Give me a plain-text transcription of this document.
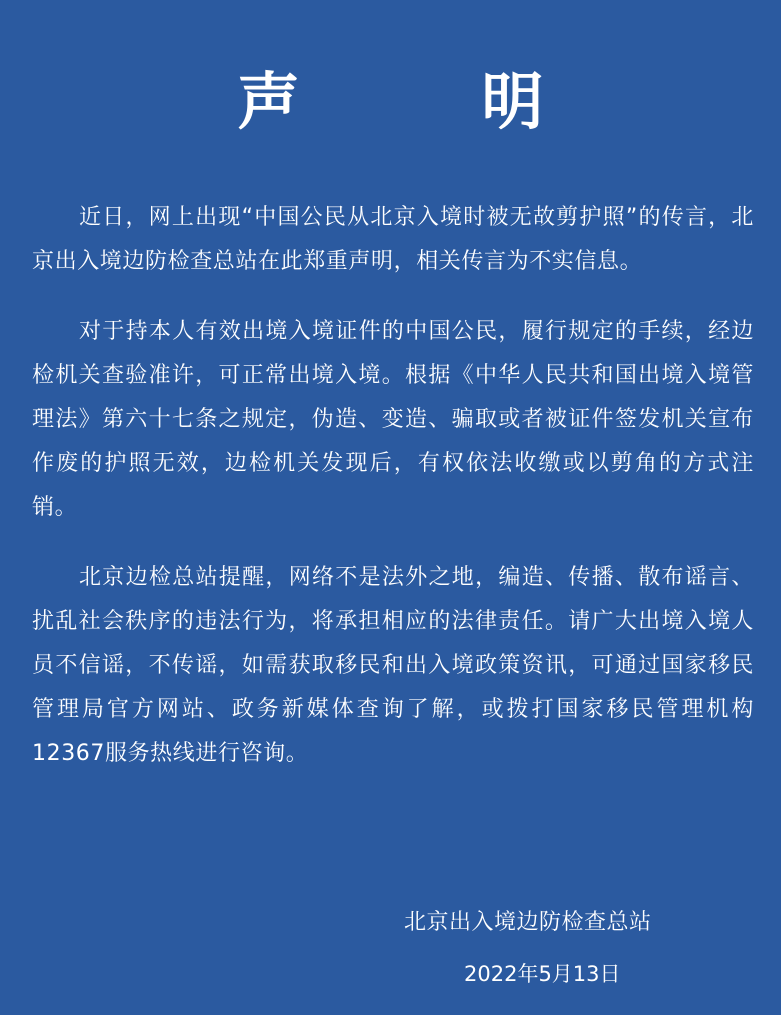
声　明

近日，网上出现“中国公民从北京入境时被无故剪护照”的传言，北京出入境边防检查总站在此郑重声明，相关传言为不实信息。

对于持本人有效出境入境证件的中国公民，履行规定的手续，经边检机关查验准许，可正常出境入境。根据《中华人民共和国出境入境管理法》第六十七条之规定，伪造、变造、骗取或者被证件签发机关宣布作废的护照无效，边检机关发现后，有权依法收缴或以剪角的方式注销。

北京边检总站提醒，网络不是法外之地，编造、传播、散布谣言、扰乱社会秩序的违法行为，将承担相应的法律责任。请广大出境入境人员不信谣，不传谣，如需获取移民和出入境政策资讯，可通过国家移民管理局官方网站、政务新媒体查询了解，或拨打国家移民管理机构12367服务热线进行咨询。

北京出入境边防检查总站
2022年5月13日
